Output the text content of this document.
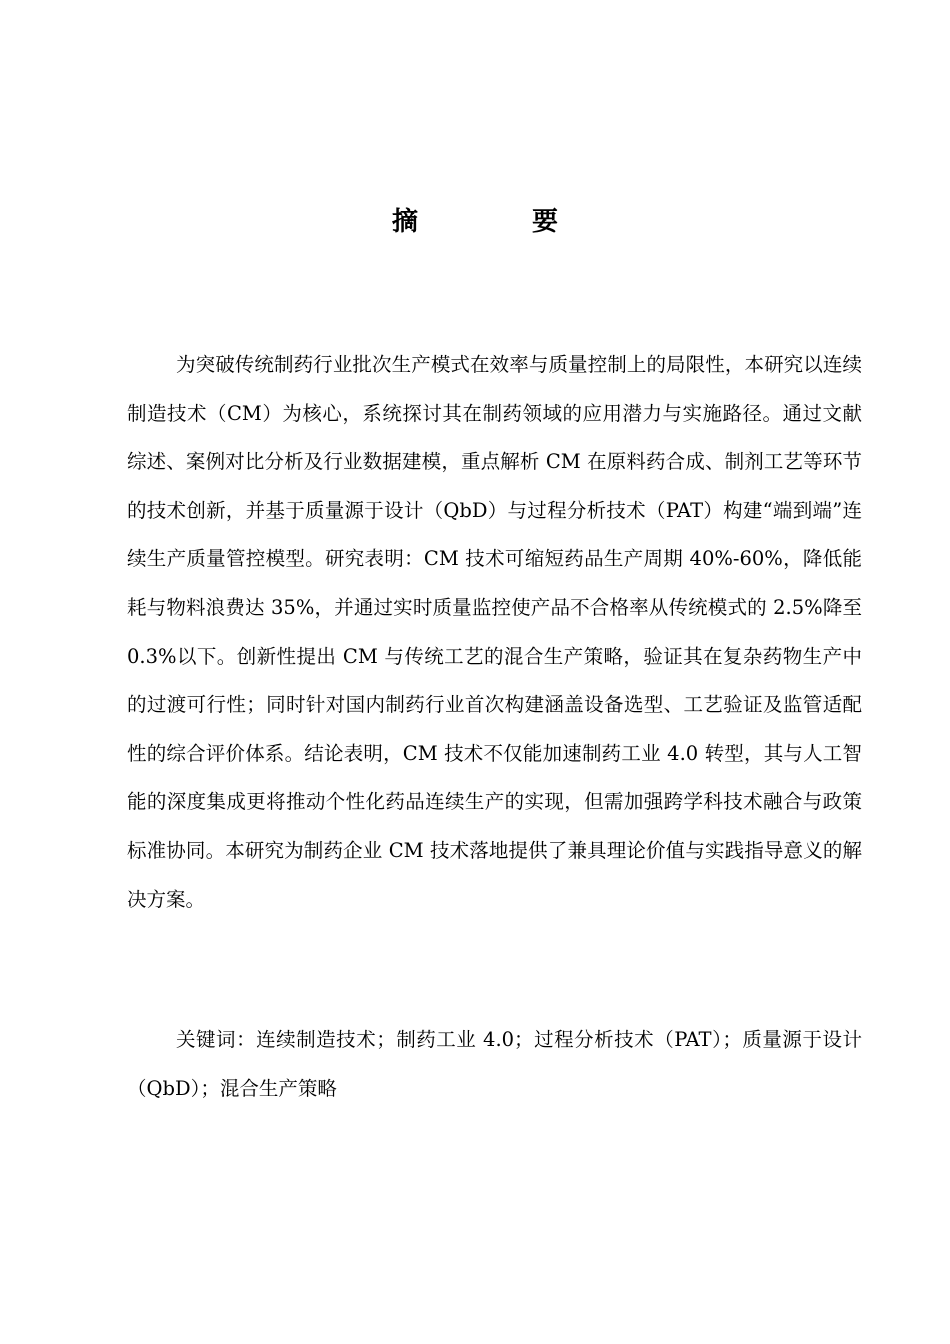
摘　要

为突破传统制药行业批次生产模式在效率与质量控制上的局限性，本研究以连续制造技术（CM）为核心，系统探讨其在制药领域的应用潜力与实施路径。通过文献综述、案例对比分析及行业数据建模，重点解析 CM 在原料药合成、制剂工艺等环节的技术创新，并基于质量源于设计（QbD）与过程分析技术（PAT）构建“端到端”连续生产质量管控模型。研究表明：CM 技术可缩短药品生产周期 40%-60%，降低能耗与物料浪费达 35%，并通过实时质量监控使产品不合格率从传统模式的 2.5%降至 0.3%以下。创新性提出 CM 与传统工艺的混合生产策略，验证其在复杂药物生产中的过渡可行性；同时针对国内制药行业首次构建涵盖设备选型、工艺验证及监管适配性的综合评价体系。结论表明，CM 技术不仅能加速制药工业 4.0 转型，其与人工智能的深度集成更将推动个性化药品连续生产的实现，但需加强跨学科技术融合与政策标准协同。本研究为制药企业 CM 技术落地提供了兼具理论价值与实践指导意义的解决方案。

关键词：连续制造技术；制药工业 4.0；过程分析技术（PAT）；质量源于设计（QbD）；混合生产策略
